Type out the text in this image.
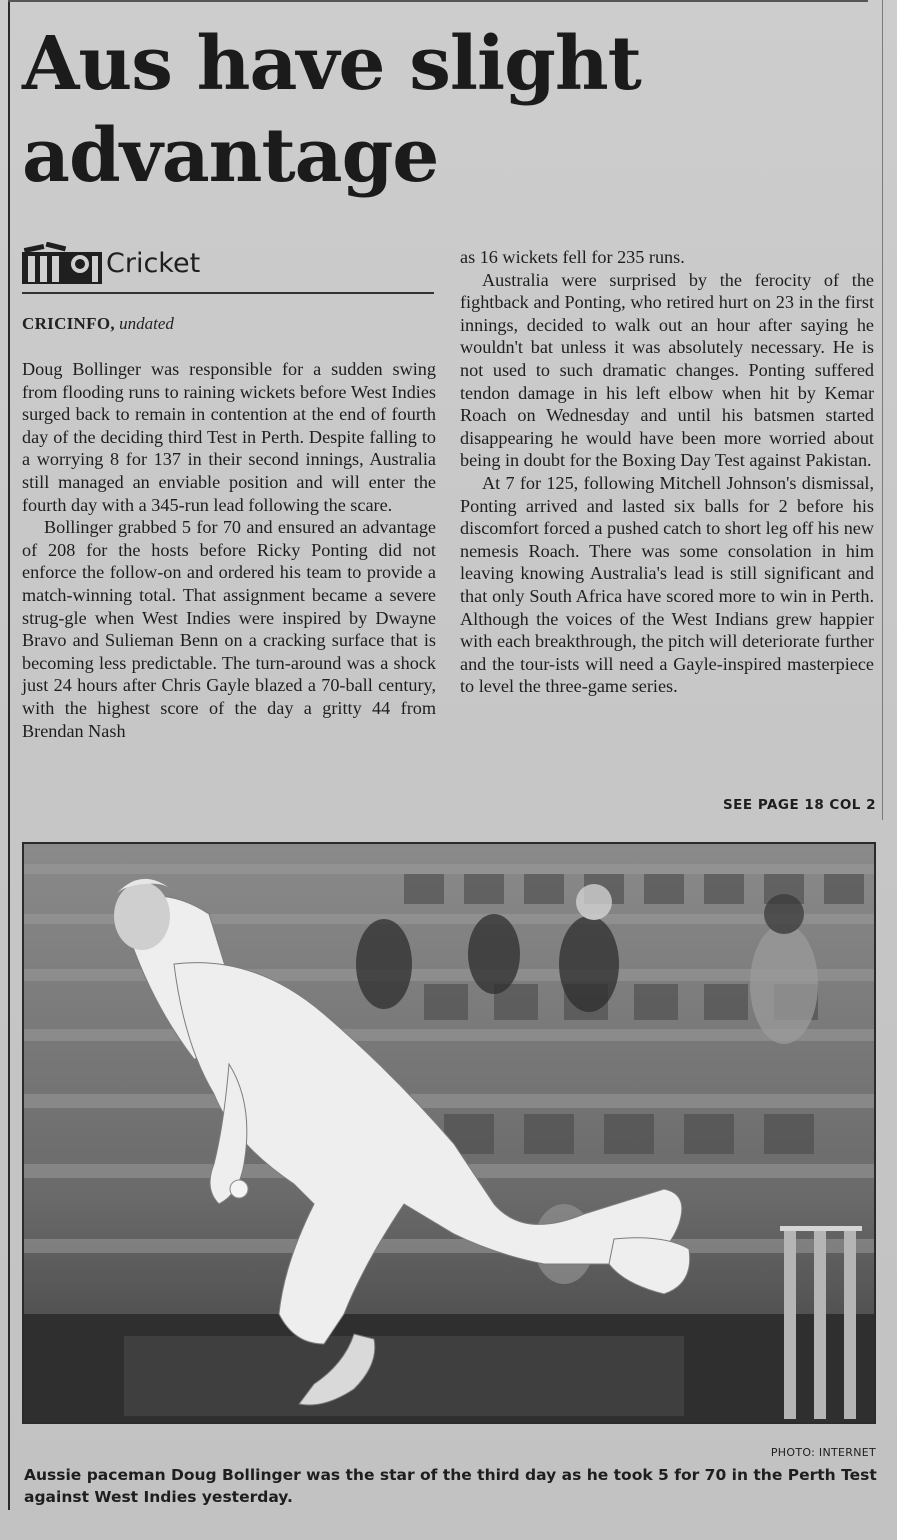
Aus have slight
advantage
Cricket
CRICINFO, undated

Doug Bollinger was responsible for a sudden swing from flooding runs to raining wickets before West Indies surged back to remain in contention at the end of fourth day of the deciding third Test in Perth. Despite falling to a worrying 8 for 137 in their second innings, Australia still managed an enviable position and will enter the fourth day with a 345-run lead following the scare.

Bollinger grabbed 5 for 70 and ensured an advantage of 208 for the hosts before Ricky Ponting did not enforce the follow-on and ordered his team to provide a match-winning total. That assignment became a severe strug-gle when West Indies were inspired by Dwayne Bravo and Sulieman Benn on a cracking surface that is becoming less predictable. The turn-around was a shock just 24 hours after Chris Gayle blazed a 70-ball century, with the highest score of the day a gritty 44 from Brendan Nash

as 16 wickets fell for 235 runs.

Australia were surprised by the ferocity of the fightback and Ponting, who retired hurt on 23 in the first innings, decided to walk out an hour after saying he wouldn't bat unless it was absolutely necessary. He is not used to such dramatic changes. Ponting suffered tendon damage in his left elbow when hit by Kemar Roach on Wednesday and until his batsmen started disappearing he would have been more worried about being in doubt for the Boxing Day Test against Pakistan.

At 7 for 125, following Mitchell Johnson's dismissal, Ponting arrived and lasted six balls for 2 before his discomfort forced a pushed catch to short leg off his new nemesis Roach. There was some consolation in him leaving knowing Australia's lead is still significant and that only South Africa have scored more to win in Perth. Although the voices of the West Indians grew happier with each breakthrough, the pitch will deteriorate further and the tour-ists will need a Gayle-inspired masterpiece to level the three-game series.

SEE PAGE 18 COL 2
PHOTO: INTERNET
Aussie paceman Doug Bollinger was the star of the third day as he took 5 for 70 in the Perth Test against West Indies yesterday.
